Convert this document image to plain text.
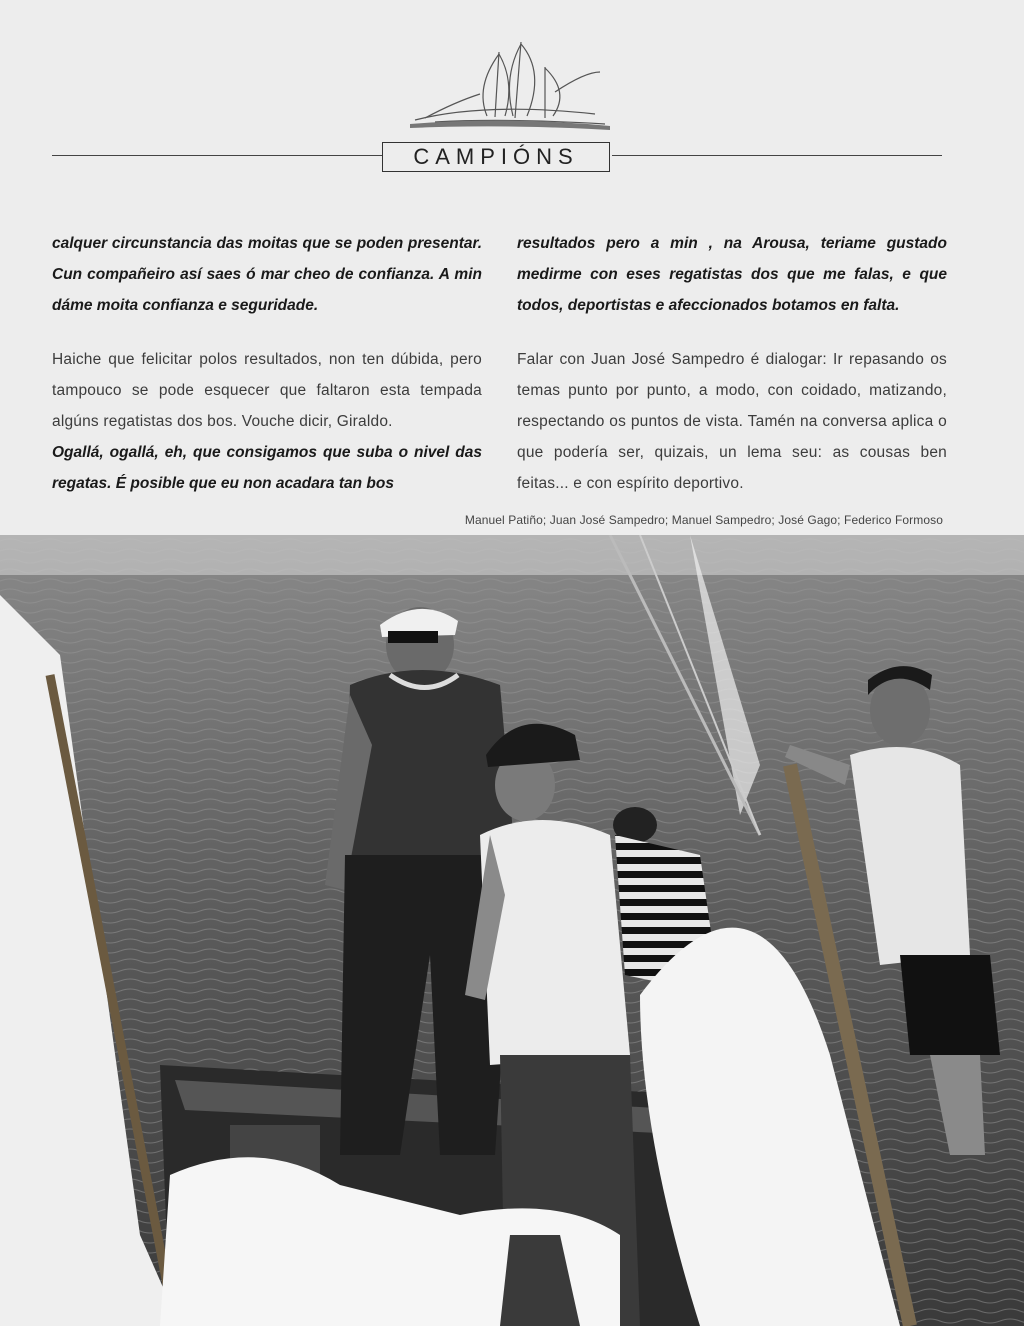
CAMPIÓNS

calquer circunstancia das moitas que se poden presentar. Cun compañeiro así saes ó mar cheo de confianza. A min dáme moita confianza e seguridade.

Haiche que felicitar polos resultados, non ten dúbida, pero tampouco se pode esquecer que faltaron esta tempada algúns regatistas dos bos. Vouche dicir, Giraldo.

Ogallá, ogallá, eh, que consigamos que suba o nivel das regatas. É posible que eu non acadara tan bos

resultados pero a min , na Arousa, teriame gustado medirme con eses regatistas dos que me falas, e que todos, deportistas e afeccionados botamos en falta.

Falar con Juan José Sampedro é dialogar: Ir repasando os temas punto por punto, a modo, con coidado, matizando, respectando os puntos de vista. Tamén na conversa aplica o que podería ser, quizais, un lema seu: as cousas ben feitas... e con espírito deportivo.

Manuel Patiño; Juan José Sampedro; Manuel Sampedro; José Gago; Federico Formoso
